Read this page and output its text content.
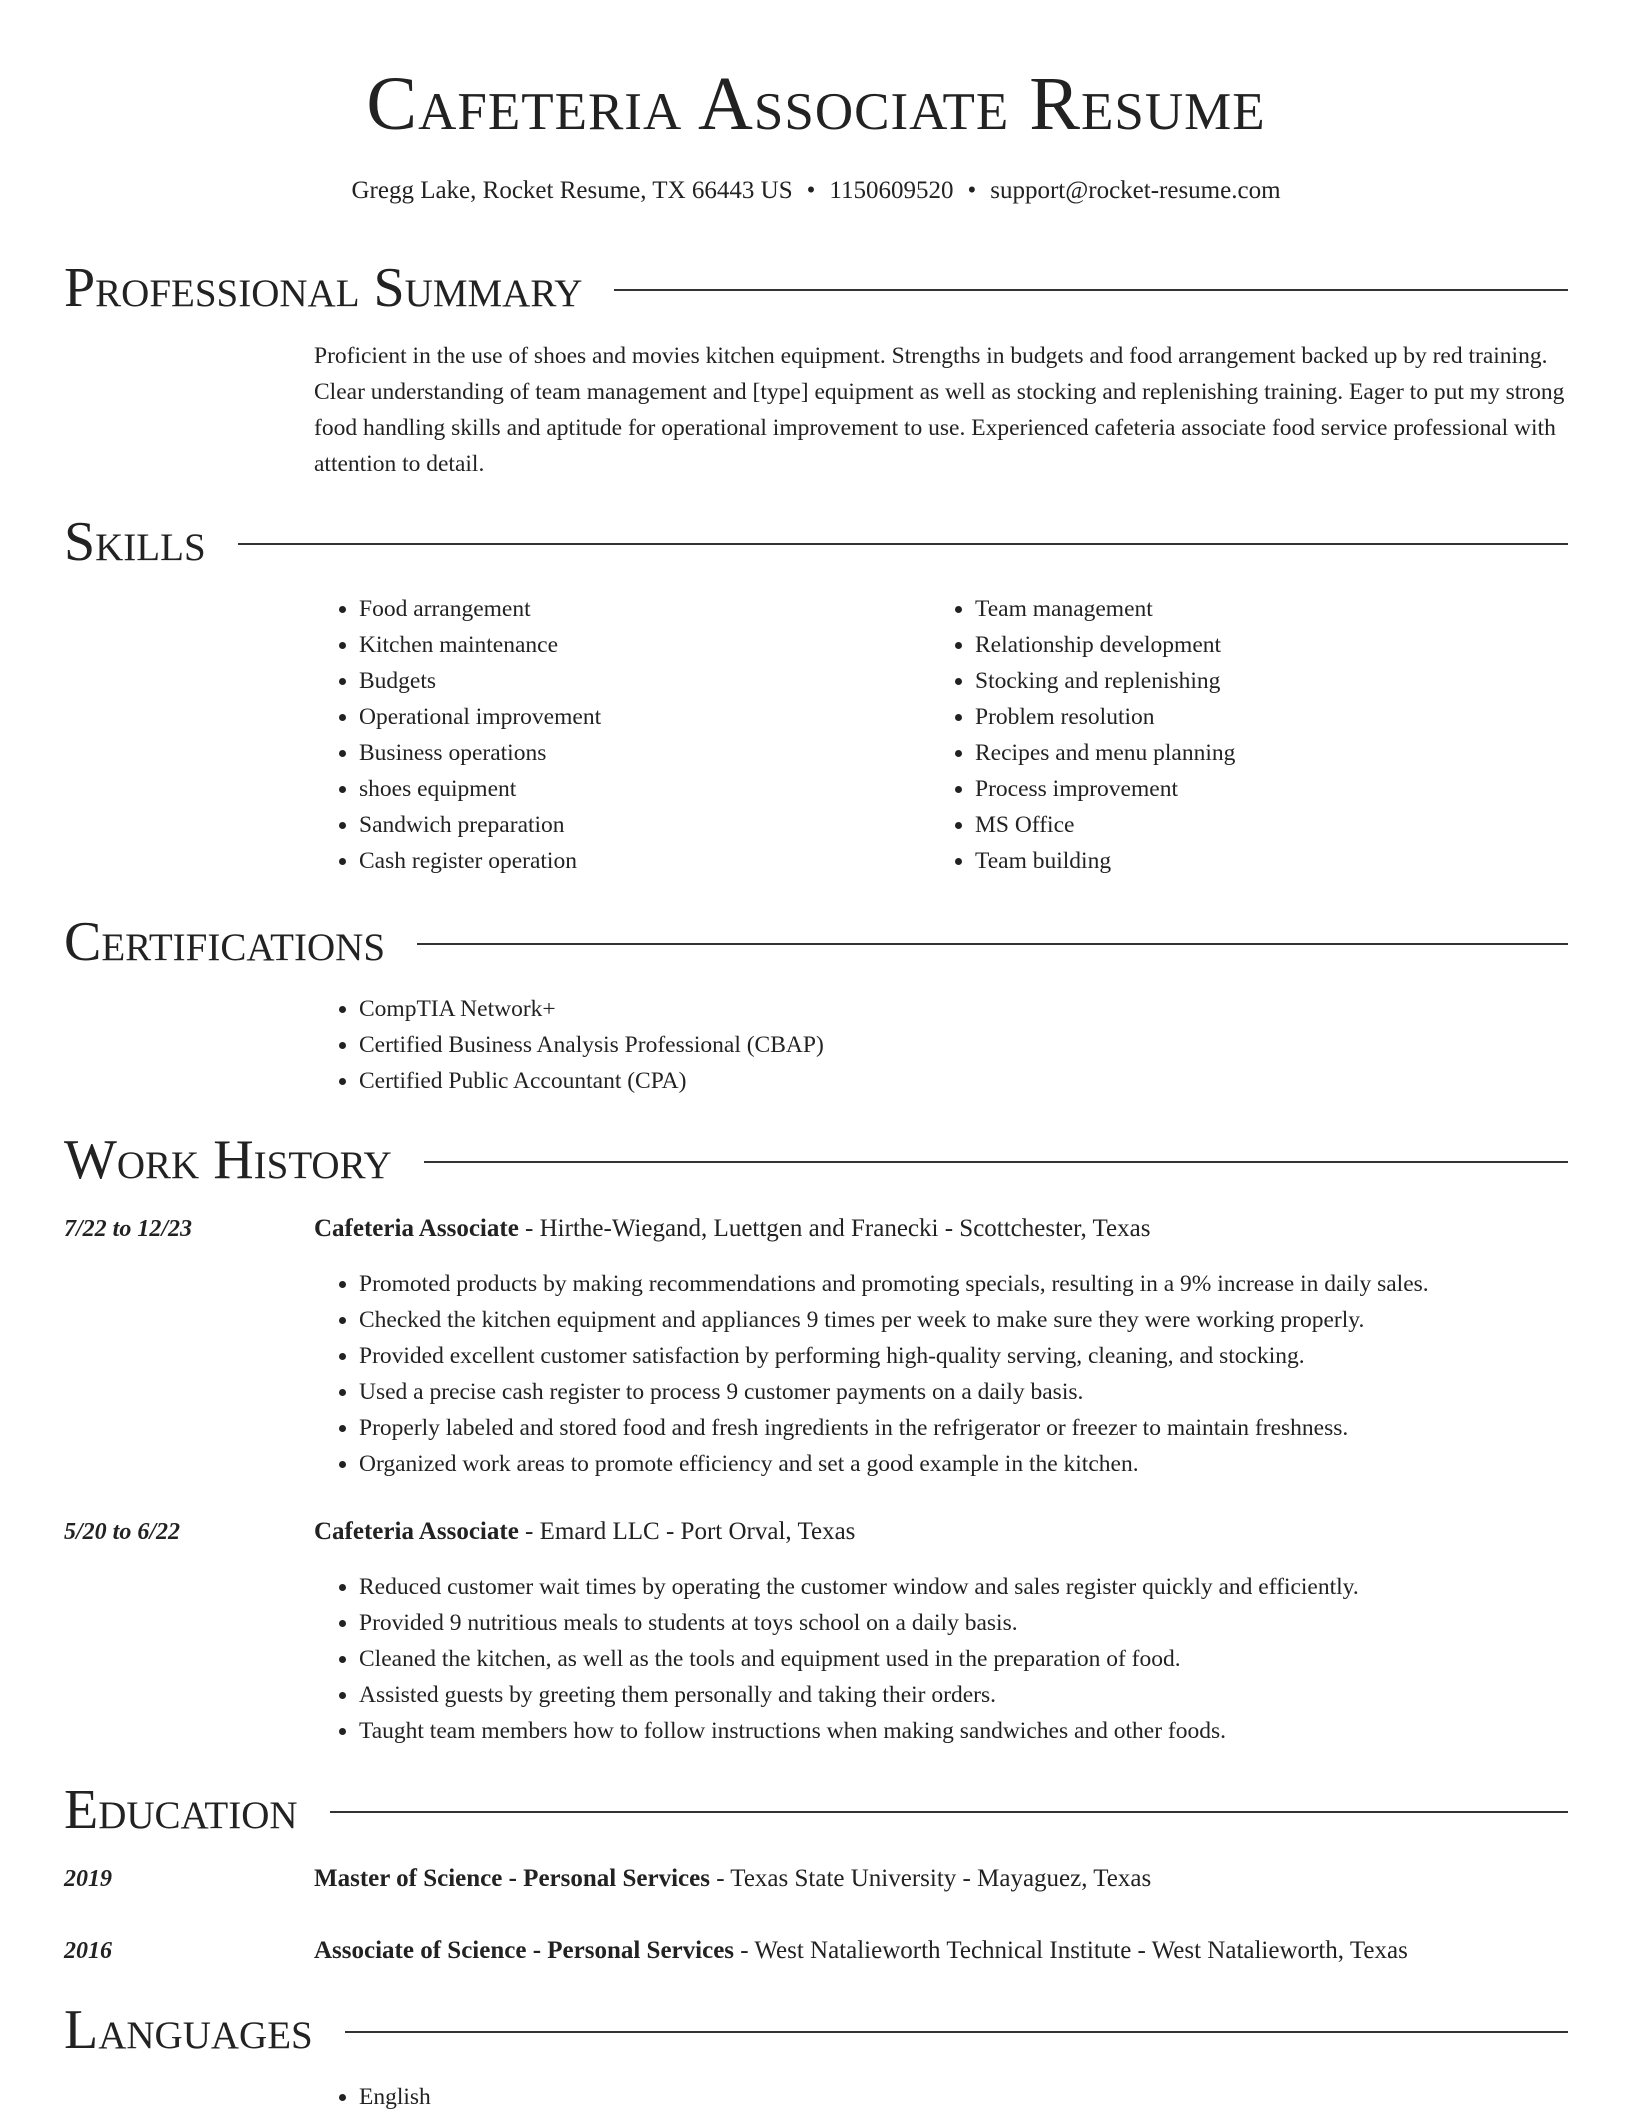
Cafeteria Associate Resume
Gregg Lake, Rocket Resume, TX 66443 US • 1150609520 • support@rocket-resume.com
Professional Summary

Proficient in the use of shoes and movies kitchen equipment. Strengths in budgets and food arrangement backed up by red training. Clear understanding of team management and [type] equipment as well as stocking and replenishing training. Eager to put my strong food handling skills and aptitude for operational improvement to use. Experienced cafeteria associate food service professional with attention to detail.

Skills
• Food arrangement
• Kitchen maintenance
• Budgets
• Operational improvement
• Business operations
• shoes equipment
• Sandwich preparation
• Cash register operation
• Team management
• Relationship development
• Stocking and replenishing
• Problem resolution
• Recipes and menu planning
• Process improvement
• MS Office
• Team building
Certifications
• CompTIA Network+
• Certified Business Analysis Professional (CBAP)
• Certified Public Accountant (CPA)
Work History
7/22 to 12/23	Cafeteria Associate - Hirthe-Wiegand, Luettgen and Franecki - Scottchester, Texas
• Promoted products by making recommendations and promoting specials, resulting in a 9% increase in daily sales.
• Checked the kitchen equipment and appliances 9 times per week to make sure they were working properly.
• Provided excellent customer satisfaction by performing high-quality serving, cleaning, and stocking.
• Used a precise cash register to process 9 customer payments on a daily basis.
• Properly labeled and stored food and fresh ingredients in the refrigerator or freezer to maintain freshness.
• Organized work areas to promote efficiency and set a good example in the kitchen.
5/20 to 6/22	Cafeteria Associate - Emard LLC - Port Orval, Texas
• Reduced customer wait times by operating the customer window and sales register quickly and efficiently.
• Provided 9 nutritious meals to students at toys school on a daily basis.
• Cleaned the kitchen, as well as the tools and equipment used in the preparation of food.
• Assisted guests by greeting them personally and taking their orders.
• Taught team members how to follow instructions when making sandwiches and other foods.
Education
2019	Master of Science - Personal Services - Texas State University - Mayaguez, Texas
2016	Associate of Science - Personal Services - West Natalieworth Technical Institute - West Natalieworth, Texas
Languages
• English
